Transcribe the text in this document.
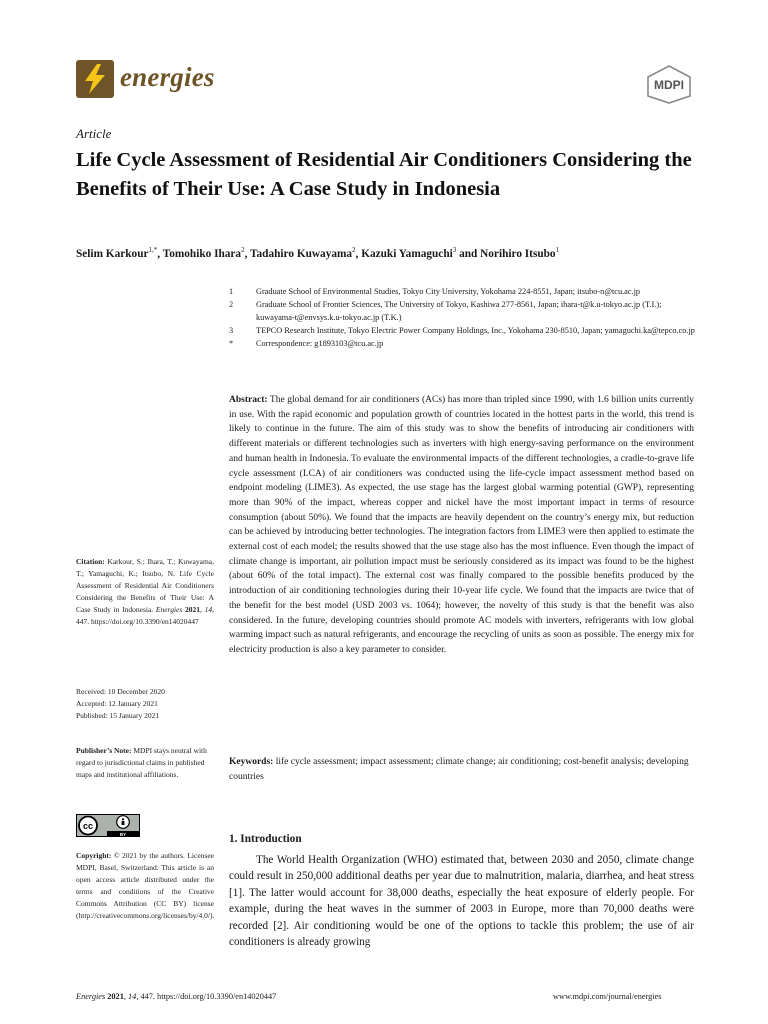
energies	MDPI
Article
Life Cycle Assessment of Residential Air Conditioners Considering the Benefits of Their Use: A Case Study in Indonesia
Selim Karkour$^{1,*}$, Tomohiko Ihara$^2$, Tadahiro Kuwayama$^2$, Kazuki Yamaguchi$^3$ and Norihiro Itsubo$^1$
1	Graduate School of Environmental Studies, Tokyo City University, Yokohama 224-8551, Japan; itsubo-n@tcu.ac.jp
2	Graduate School of Frontier Sciences, The University of Tokyo, Kashiwa 277-8561, Japan; ihara-t@k.u-tokyo.ac.jp (T.I.); kuwayama-t@envsys.k.u-tokyo.ac.jp (T.K.)
3	TEPCO Research Institute, Tokyo Electric Power Company Holdings, Inc., Yokohama 230-8510, Japan; yamaguchi.ka@tepco.co.jp
*	Correspondence: g1893103@tcu.ac.jp
Abstract: The global demand for air conditioners (ACs) has more than tripled since 1990, with 1.6 billion units currently in use. With the rapid economic and population growth of countries located in the hottest parts in the world, this trend is likely to continue in the future. The aim of this study was to show the benefits of introducing air conditioners with different materials or different technologies such as inverters with high energy-saving performance on the environment and human health in Indonesia. To evaluate the environmental impacts of the different technologies, a cradle-to-grave life cycle assessment (LCA) of air conditioners was conducted using the life-cycle impact assessment method based on endpoint modeling (LIME3). As expected, the use stage has the largest global warming potential (GWP), representing more than 90% of the impact, whereas copper and nickel have the most important impact in terms of resource consumption (about 50%). We found that the impacts are heavily dependent on the country’s energy mix, but reduction can be achieved by introducing better technologies. The integration factors from LIME3 were then applied to estimate the external cost of each model; the results showed that the use stage also has the most influence. Even though the impact of climate change is important, air pollution impact must be seriously considered as its impact was found to be the highest (about 60% of the total impact). The external cost was finally compared to the possible benefits produced by the introduction of air conditioning technologies during their 10-year life cycle. We found that the impacts are twice that of the benefit for the best model (USD 2003 vs. 1064); however, the novelty of this study is that the benefit was also considered. In the future, developing countries should promote AC models with inverters, refrigerants with low global warming impact such as natural refrigerants, and encourage the recycling of units as soon as possible. The energy mix for electricity production is also a key parameter to consider.
Keywords: life cycle assessment; impact assessment; climate change; air conditioning; cost-benefit analysis; developing countries
Citation: Karkour, S.; Ihara, T.; Kuwayama, T.; Yamaguchi, K.; Itsubo, N. Life Cycle Assessment of Residential Air Conditioners Considering the Benefits of Their Use: A Case Study in Indonesia. Energies 2021, 14, 447. https://doi.org/10.3390/en14020447
Received: 10 December 2020
Accepted: 12 January 2021
Published: 15 January 2021
Publisher’s Note: MDPI stays neutral with regard to jurisdictional claims in published maps and institutional affiliations.
cc
BY
Copyright: © 2021 by the authors. Licensee MDPI, Basel, Switzerland. This article is an open access article distributed under the terms and conditions of the Creative Commons Attribution (CC BY) license (http://creativecommons.org/licenses/by/4.0/).
1. Introduction
The World Health Organization (WHO) estimated that, between 2030 and 2050, climate change could result in 250,000 additional deaths per year due to malnutrition, malaria, diarrhea, and heat stress [1]. The latter would account for 38,000 deaths, especially the heat exposure of elderly people. For example, during the heat waves in the summer of 2003 in Europe, more than 70,000 deaths were recorded [2]. Air conditioning would be one of the options to tackle this problem; the use of air conditioners is already growing
Energies 2021, 14, 447. https://doi.org/10.3390/en14020447	www.mdpi.com/journal/energies
